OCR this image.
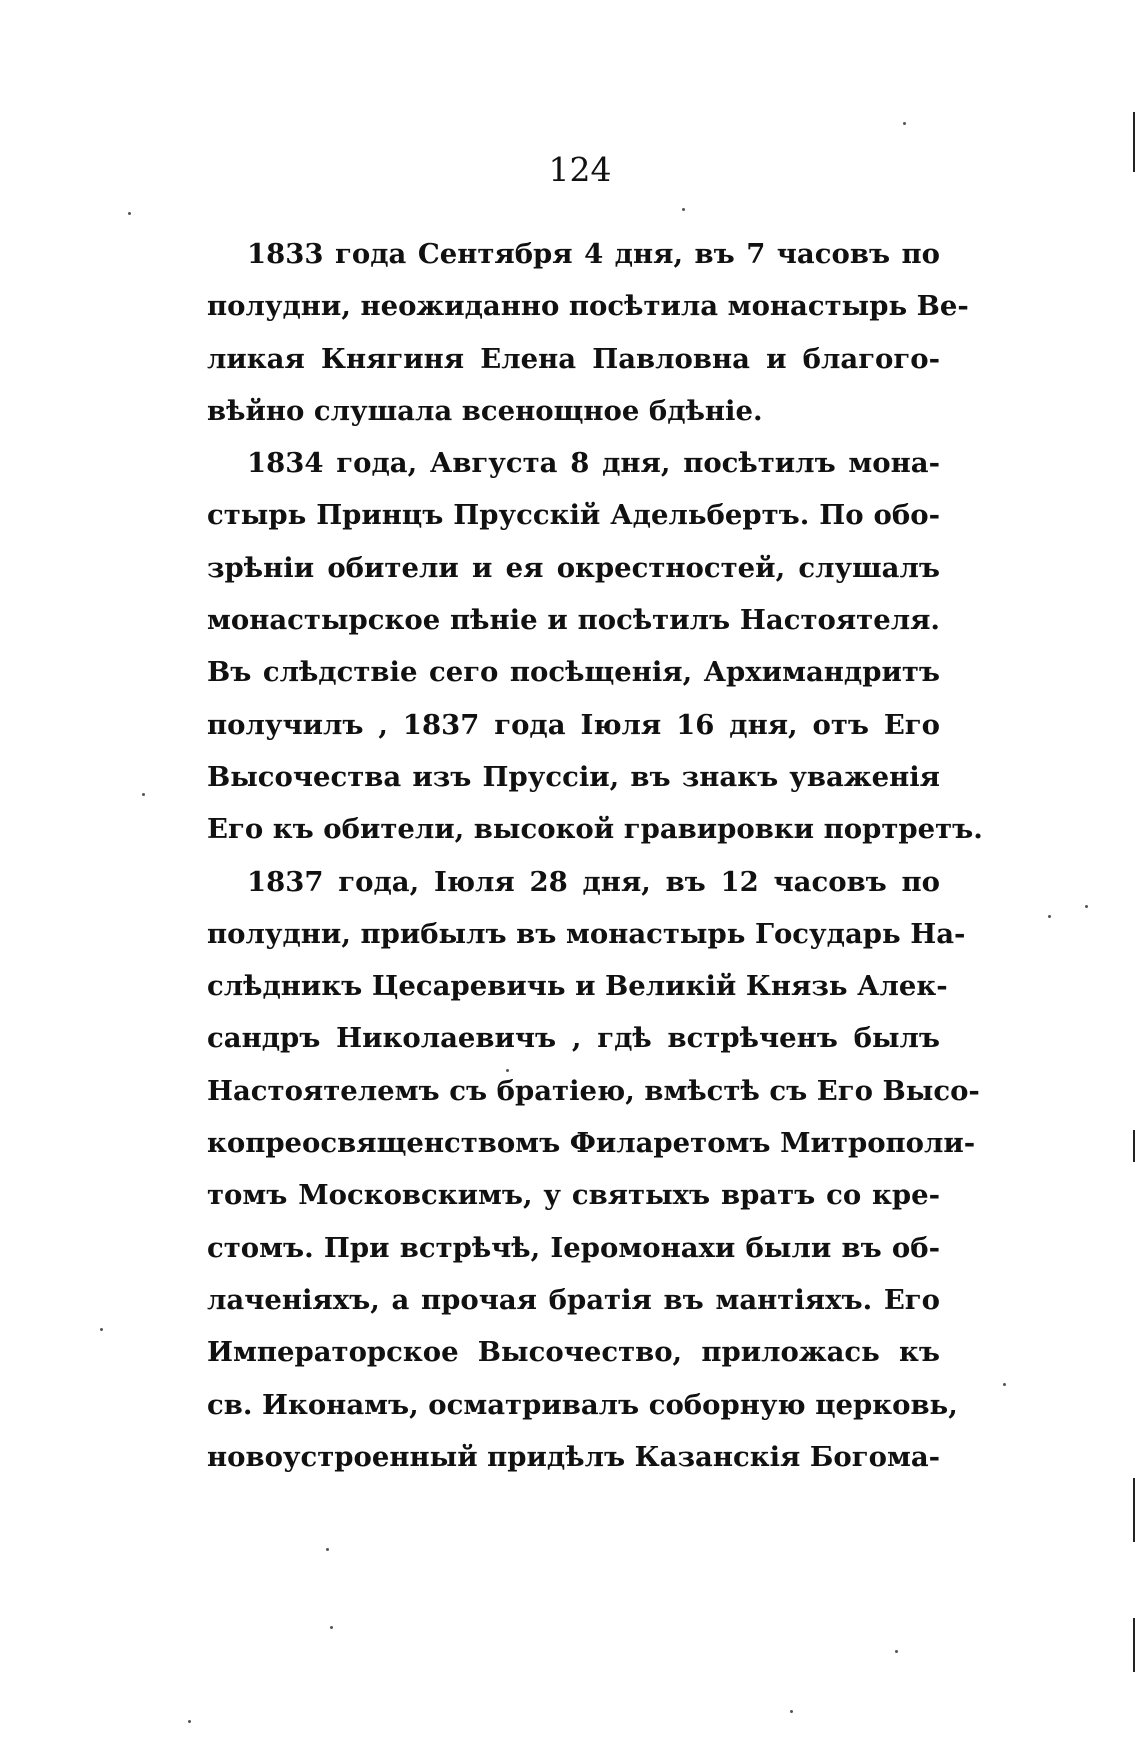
124
1833 года Сентября 4 дня, въ 7 часовъ по
полудни, неожиданно посѣтила монастырь Ве-
ликая Княгиня Елена Павловна и благого-
вѣйно слушала всенощное бдѣніе.
1834 года, Августа 8 дня, посѣтилъ мона-
стырь Принцъ Прусскій Адельбертъ. По обо-
зрѣніи обители и ея окрестностей, слушалъ
монастырское пѣніе и посѣтилъ Настоятеля.
Въ слѣдствіе сего посѣщенія, Архимандритъ
получилъ , 1837 года Іюля 16 дня, отъ Его
Высочества изъ Пруссіи, въ знакъ уваженія
Его къ обители, высокой гравировки портретъ.
1837 года, Іюля 28 дня, въ 12 часовъ по
полудни, прибылъ въ монастырь Государь На-
слѣдникъ Цесаревичь и Великій Князь Алек-
сандръ Николаевичъ , гдѣ встрѣченъ былъ
Настоятелемъ съ братіею, вмѣстѣ съ Его Высо-
копреосвященствомъ Филаретомъ Митрополи-
томъ Московскимъ, у святыхъ вратъ со кре-
стомъ. При встрѣчѣ, Іеромонахи были въ об-
лаченіяхъ, а прочая братія въ мантіяхъ. Его
Императорское Высочество, приложась къ
св. Иконамъ, осматривалъ соборную церковь,
новоустроенный придѣлъ Казанскія Богома-
